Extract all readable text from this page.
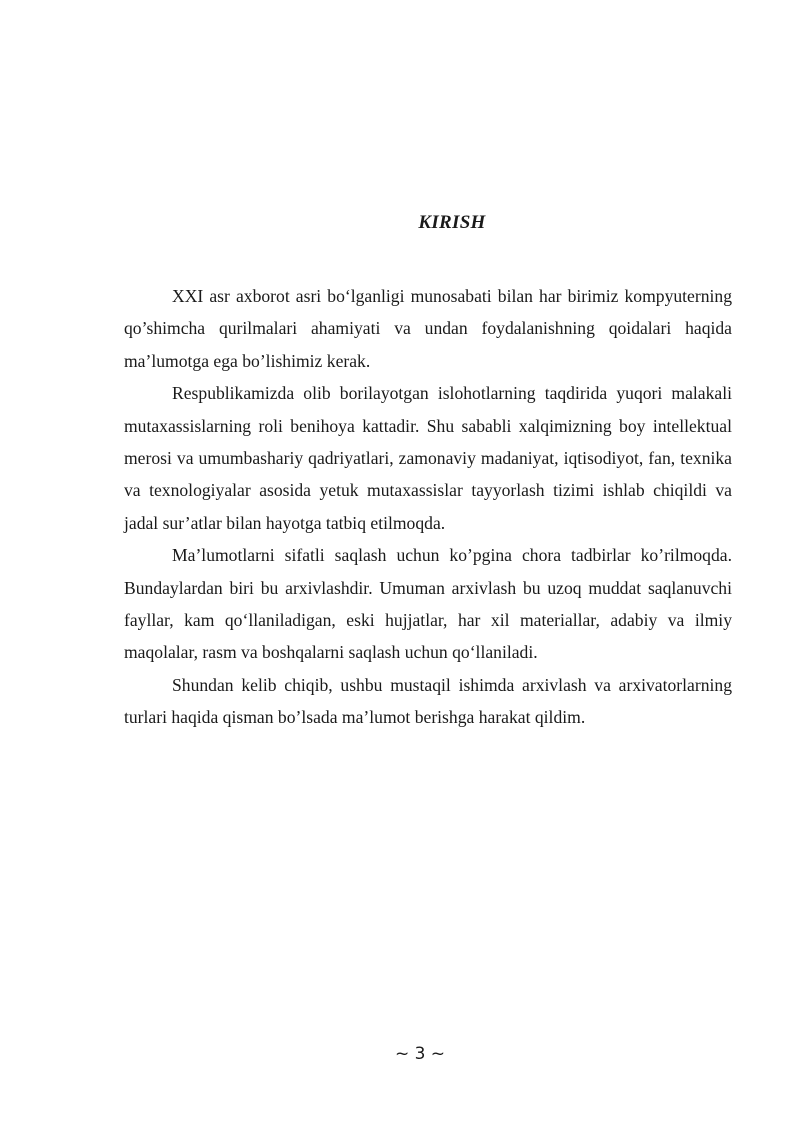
KIRISH

XXI asr axborot asri bo‘lganligi munosabati bilan har birimiz kompyuterning qo’shimcha qurilmalari ahamiyati va undan foydalanishning qoidalari haqida ma’lumotga ega bo’lishimiz kerak.

Respublikamizda olib borilayotgan islohotlarning taqdirida yuqori malakali mutaxassislarning roli benihoya kattadir. Shu sababli xalqimizning boy intellektual merosi va umumbashariy qadriyatlari, zamonaviy madaniyat, iqtisodiyot, fan, texnika va texnologiyalar asosida yetuk mutaxassislar tayyorlash tizimi ishlab chiqildi va jadal sur’atlar bilan hayotga tatbiq etilmoqda.

Ma’lumotlarni sifatli saqlash uchun ko’pgina chora tadbirlar ko’rilmoqda. Bundaylardan biri bu arxivlashdir. Umuman arxivlash bu uzoq muddat saqlanuvchi fayllar, kam qo‘llaniladigan, eski hujjatlar, har xil materiallar, adabiy va ilmiy maqolalar, rasm va boshqalarni saqlash uchun qo‘llaniladi.

Shundan kelib chiqib, ushbu mustaqil ishimda arxivlash va arxivatorlarning turlari haqida qisman bo’lsada ma’lumot berishga harakat qildim.

~ 3 ~
